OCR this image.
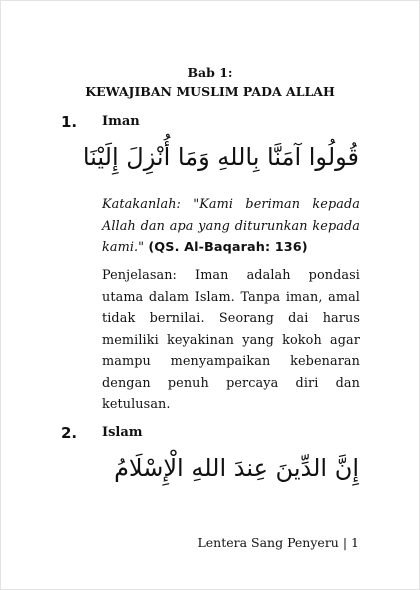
Bab 1:
KEWAJIBAN MUSLIM PADA ALLAH
1. Iman
قُولُوا آمَنَّا بِاللهِ وَمَا أُنْزِلَ إِلَيْنَا
Katakanlah: "Kami beriman kepada Allah dan apa yang diturunkan kepada kami." (QS. Al-Baqarah: 136)
Penjelasan: Iman adalah pondasi utama dalam Islam. Tanpa iman, amal tidak bernilai. Seorang dai harus memiliki keyakinan yang kokoh agar mampu menyampaikan kebenaran dengan penuh percaya diri dan ketulusan.
2. Islam
إِنَّ الدِّينَ عِندَ اللهِ الْإِسْلَامُ
Lentera Sang Penyeru | 1
